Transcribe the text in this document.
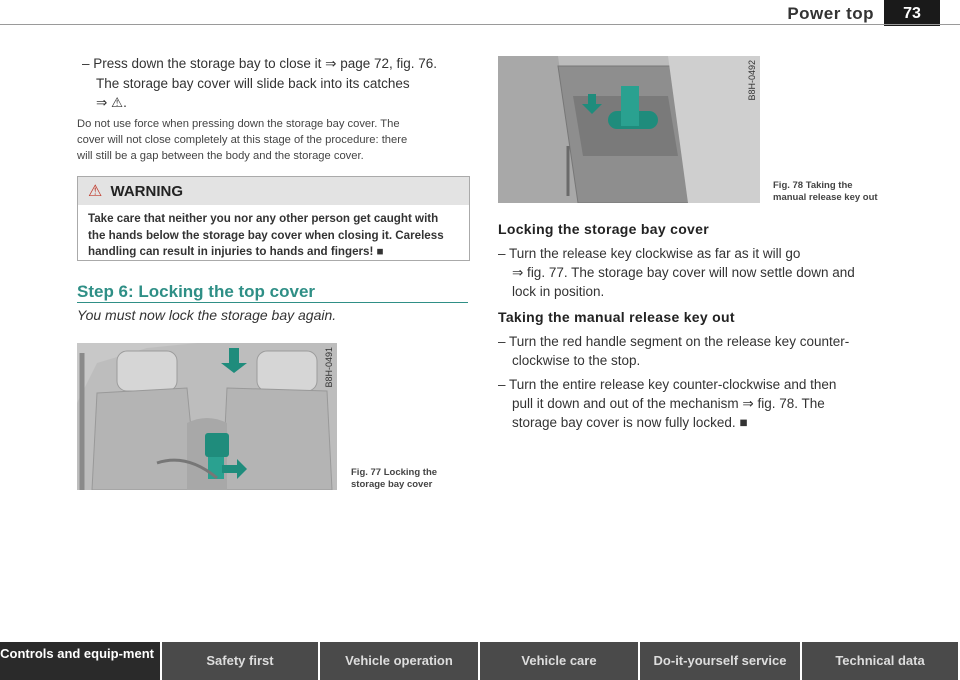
Power top	73
– Press down the storage bay to close it ⇒ page 72, fig. 76.
The storage bay cover will slide back into its catches
⇒ ⚠.
Do not use force when pressing down the storage bay cover. The
cover will not close completely at this stage of the procedure: there
will still be a gap between the body and the storage cover.
⚠ WARNING
Take care that neither you nor any other person get caught with
the hands below the storage bay cover when closing it. Careless
handling can result in injuries to hands and fingers! ■
Step 6: Locking the top cover
You must now lock the storage bay again.
B8H-0491
Fig. 77 Locking the
storage bay cover
B8H-0492
Fig. 78 Taking the
manual release key out
Locking the storage bay cover
– Turn the release key clockwise as far as it will go
⇒ fig. 77. The storage bay cover will now settle down and
lock in position.
Taking the manual release key out
– Turn the red handle segment on the release key counter-
clockwise to the stop.
– Turn the entire release key counter-clockwise and then
pull it down and out of the mechanism ⇒ fig. 78. The
storage bay cover is now fully locked. ■
Controls and equip-ment	Safety first	Vehicle operation	Vehicle care	Do-it-yourself service	Technical data
